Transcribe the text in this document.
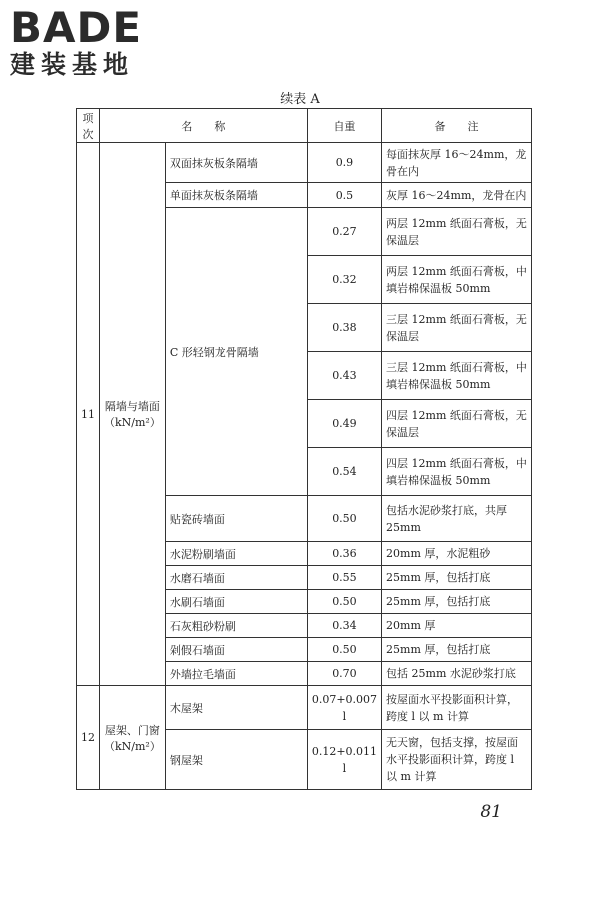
BADE
建装基地
续表 A
项次	名　　称		自重	备　　注
11	隔墙与墙面（kN/m²）	双面抹灰板条隔墙	0.9	每面抹灰厚 16～24mm，龙骨在内
		单面抹灰板条隔墙	0.5	灰厚 16～24mm，龙骨在内
		C 形轻钢龙骨隔墙	0.27	两层 12mm 纸面石膏板，无保温层
			0.32	两层 12mm 纸面石膏板，中填岩棉保温板 50mm
			0.38	三层 12mm 纸面石膏板，无保温层
			0.43	三层 12mm 纸面石膏板，中填岩棉保温板 50mm
			0.49	四层 12mm 纸面石膏板，无保温层
			0.54	四层 12mm 纸面石膏板，中填岩棉保温板 50mm
		贴瓷砖墙面	0.50	包括水泥砂浆打底，共厚 25mm
		水泥粉刷墙面	0.36	20mm 厚，水泥粗砂
		水磨石墙面	0.55	25mm 厚，包括打底
		水刷石墙面	0.50	25mm 厚，包括打底
		石灰粗砂粉刷	0.34	20mm 厚
		剁假石墙面	0.50	25mm 厚，包括打底
		外墙拉毛墙面	0.70	包括 25mm 水泥砂浆打底
12	屋架、门窗（kN/m²）	木屋架	0.07+0.007 l	按屋面水平投影面积计算，跨度 l 以 m 计算
		钢屋架	0.12+0.011 l	无天窗，包括支撑，按屋面水平投影面积计算，跨度 l 以 m 计算
81
